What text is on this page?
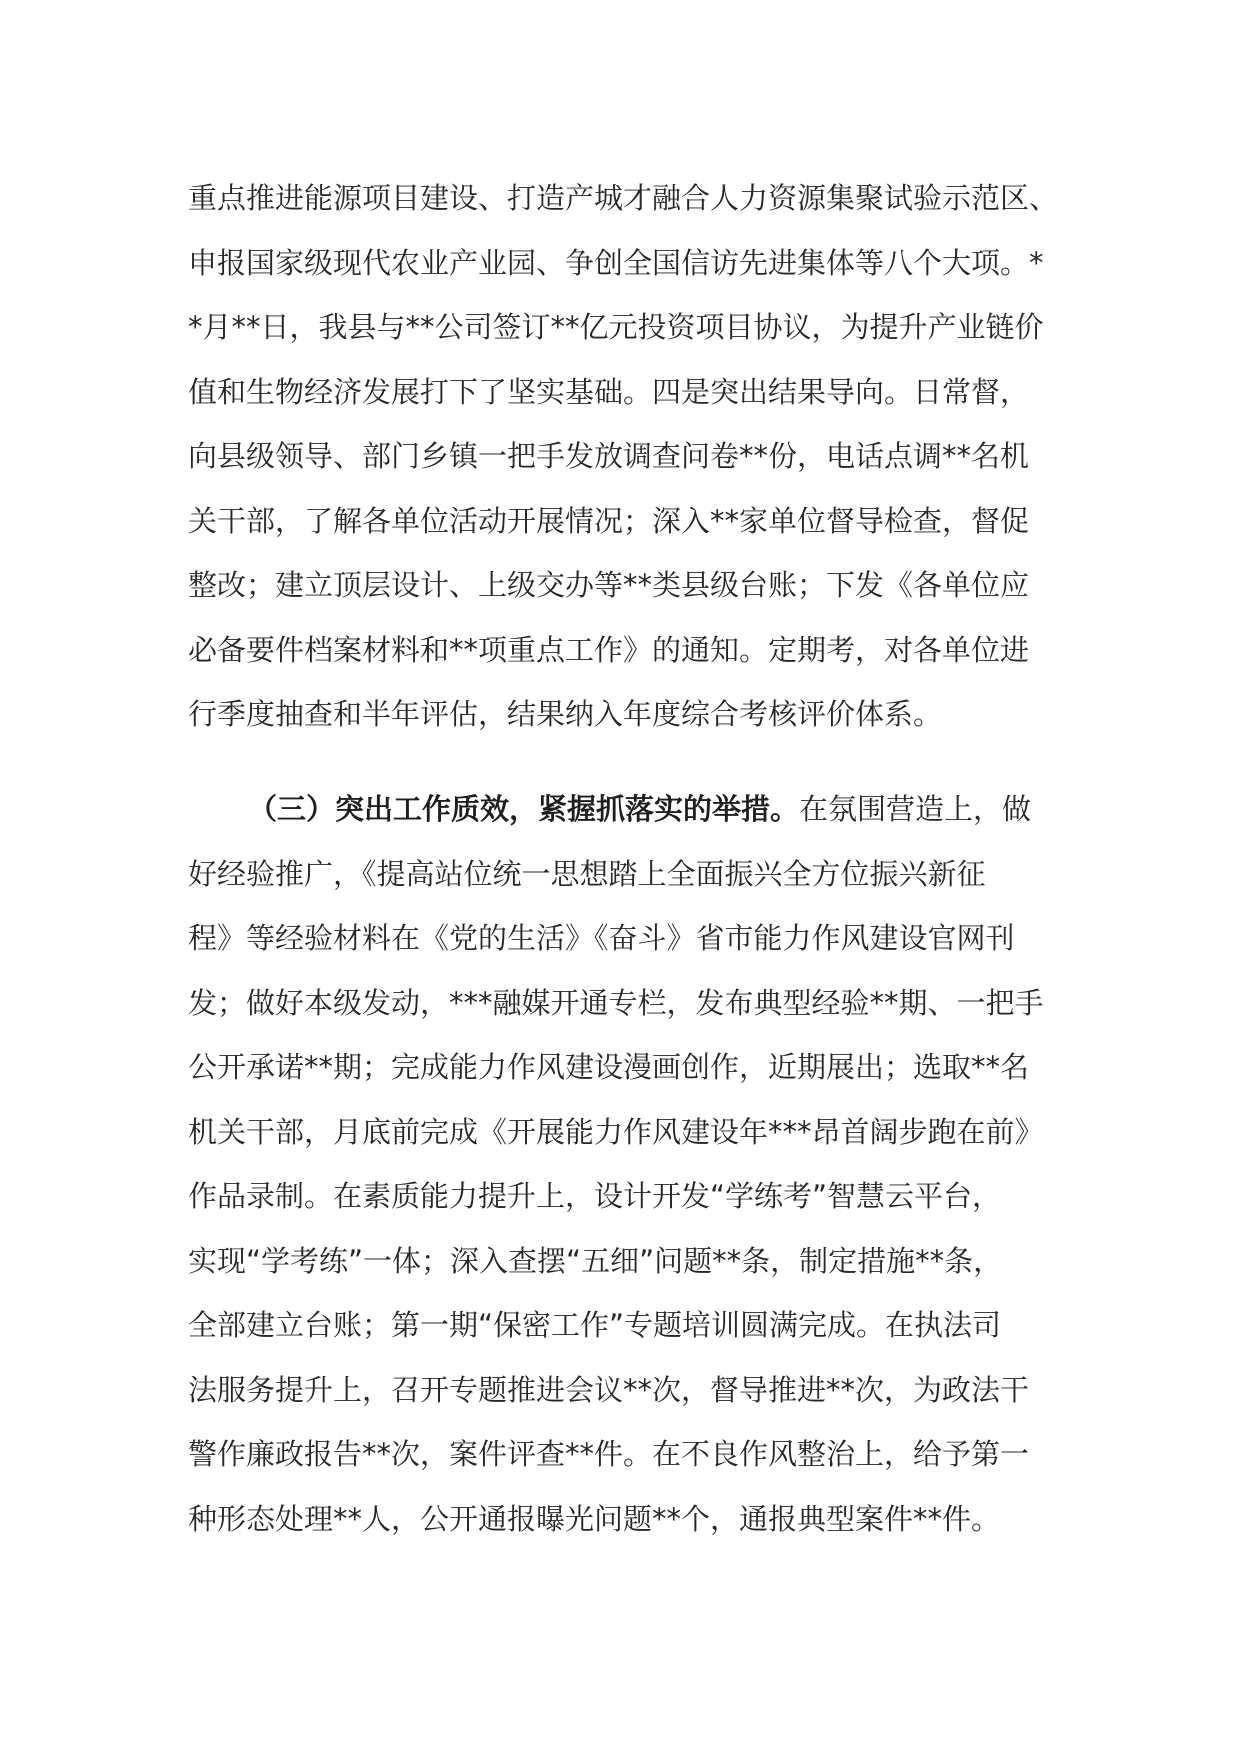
重点推进能源项目建设、打造产城才融合人力资源集聚试验示范区、
申报国家级现代农业产业园、争创全国信访先进集体等八个大项。*
*月**日，我县与**公司签订**亿元投资项目协议，为提升产业链价
值和生物经济发展打下了坚实基础。四是突出结果导向。日常督，
向县级领导、部门乡镇一把手发放调查问卷**份，电话点调**名机
关干部，了解各单位活动开展情况；深入**家单位督导检查，督促
整改；建立顶层设计、上级交办等**类县级台账；下发《各单位应
必备要件档案材料和**项重点工作》的通知。定期考，对各单位进
行季度抽查和半年评估，结果纳入年度综合考核评价体系。
（三）突出工作质效，紧握抓落实的举措。在氛围营造上，做
好经验推广，《提高站位统一思想踏上全面振兴全方位振兴新征
程》等经验材料在《党的生活》《奋斗》省市能力作风建设官网刊
发；做好本级发动，***融媒开通专栏，发布典型经验**期、一把手
公开承诺**期；完成能力作风建设漫画创作，近期展出；选取**名
机关干部，月底前完成《开展能力作风建设年***昂首阔步跑在前》
作品录制。在素质能力提升上，设计开发“学练考”智慧云平台，
实现“学考练”一体；深入查摆“五细”问题**条，制定措施**条，
全部建立台账；第一期“保密工作”专题培训圆满完成。在执法司
法服务提升上，召开专题推进会议**次，督导推进**次，为政法干
警作廉政报告**次，案件评查**件。在不良作风整治上，给予第一
种形态处理**人，公开通报曝光问题**个，通报典型案件**件。
